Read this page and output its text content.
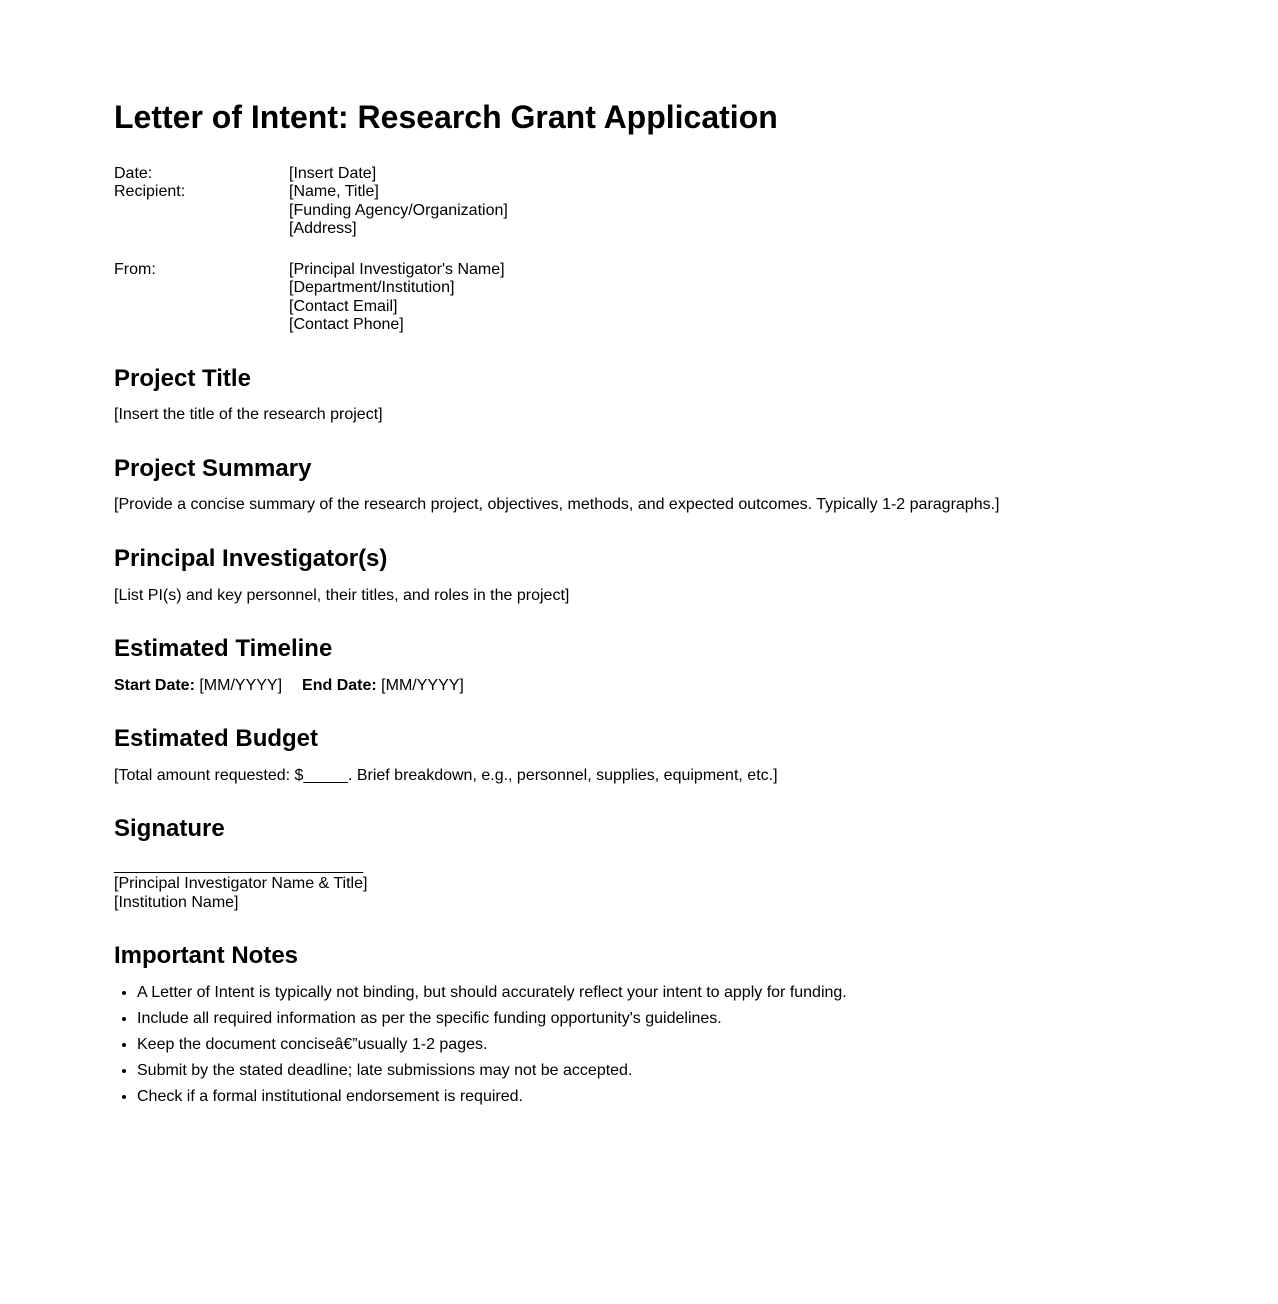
Letter of Intent: Research Grant Application
Date:	[Insert Date]
Recipient:	[Name, Title]
[Funding Agency/Organization]
[Address]
From:	[Principal Investigator's Name]
[Department/Institution]
[Contact Email]
[Contact Phone]
Project Title

[Insert the title of the research project]

Project Summary

[Provide a concise summary of the research project, objectives, methods, and expected outcomes. Typically 1-2 paragraphs.]

Principal Investigator(s)

[List PI(s) and key personnel, their titles, and roles in the project]

Estimated Timeline

Start Date: [MM/YYYY] End Date: [MM/YYYY]

Estimated Budget

[Total amount requested: $_____. Brief breakdown, e.g., personnel, supplies, equipment, etc.]

Signature

____________________________
[Principal Investigator Name & Title]
[Institution Name]

Important Notes
• A Letter of Intent is typically not binding, but should accurately reflect your intent to apply for funding.
• Include all required information as per the specific funding opportunity's guidelines.
• Keep the document conciseâ€”usually 1-2 pages.
• Submit by the stated deadline; late submissions may not be accepted.
• Check if a formal institutional endorsement is required.
